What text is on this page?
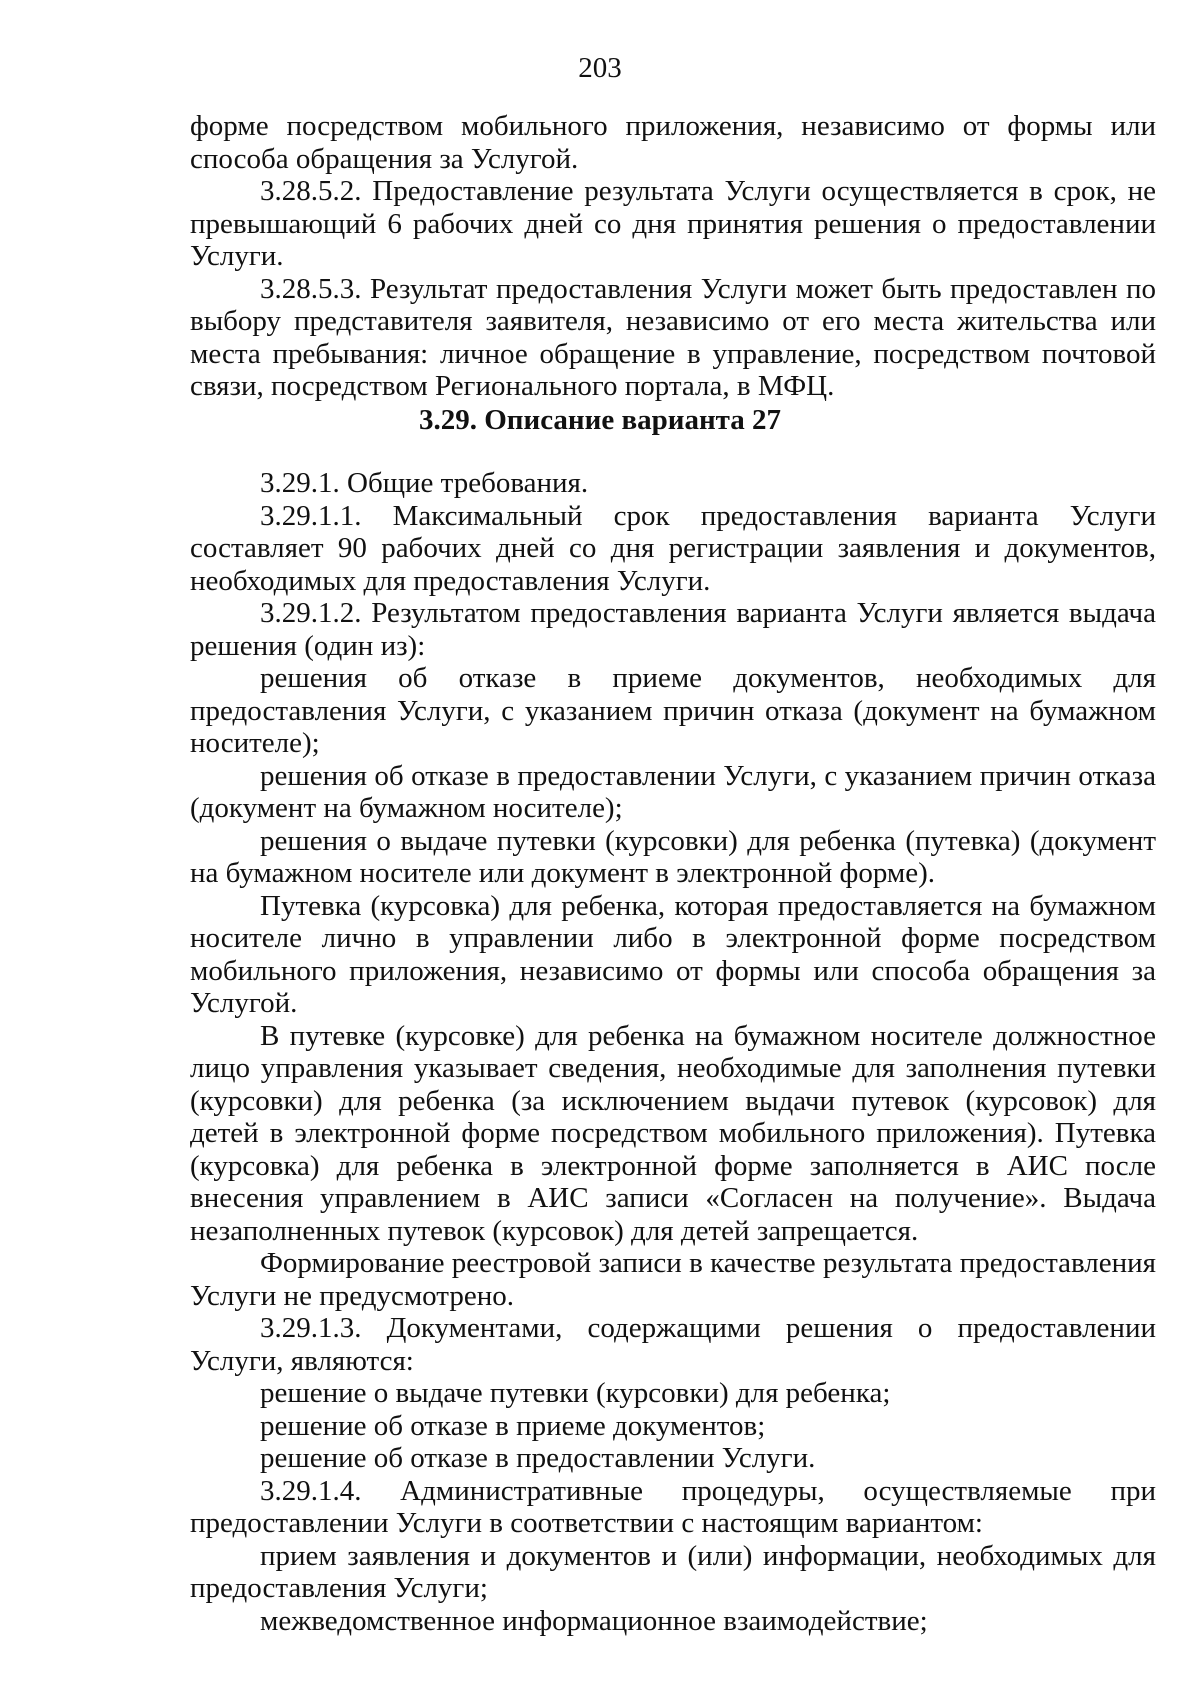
203

форме посредством мобильного приложения, независимо от формы или способа обращения за Услугой.

3.28.5.2. Предоставление результата Услуги осуществляется в срок, не превышающий 6 рабочих дней со дня принятия решения о предоставлении Услуги.

3.28.5.3. Результат предоставления Услуги может быть предоставлен по выбору представителя заявителя, независимо от его места жительства или места пребывания: личное обращение в управление, посредством почтовой связи, посредством Регионального портала, в МФЦ.

3.29. Описание варианта 27

3.29.1. Общие требования.

3.29.1.1. Максимальный срок предоставления варианта Услуги составляет 90 рабочих дней со дня регистрации заявления и документов, необходимых для предоставления Услуги.

3.29.1.2. Результатом предоставления варианта Услуги является выдача решения (один из):

решения об отказе в приеме документов, необходимых для предоставления Услуги, с указанием причин отказа (документ на бумажном носителе);

решения об отказе в предоставлении Услуги, с указанием причин отказа (документ на бумажном носителе);

решения о выдаче путевки (курсовки) для ребенка (путевка) (документ на бумажном носителе или документ в электронной форме).

Путевка (курсовка) для ребенка, которая предоставляется на бумажном носителе лично в управлении либо в электронной форме посредством мобильного приложения, независимо от формы или способа обращения за Услугой.

В путевке (курсовке) для ребенка на бумажном носителе должностное лицо управления указывает сведения, необходимые для заполнения путевки (курсовки) для ребенка (за исключением выдачи путевок (курсовок) для детей в электронной форме посредством мобильного приложения). Путевка (курсовка) для ребенка в электронной форме заполняется в АИС после внесения управлением в АИС записи «Согласен на получение». Выдача незаполненных путевок (курсовок) для детей запрещается.

Формирование реестровой записи в качестве результата предоставления Услуги не предусмотрено.

3.29.1.3. Документами, содержащими решения о предоставлении Услуги, являются:

решение о выдаче путевки (курсовки) для ребенка;

решение об отказе в приеме документов;

решение об отказе в предоставлении Услуги.

3.29.1.4. Административные процедуры, осуществляемые при предоставлении Услуги в соответствии с настоящим вариантом:

прием заявления и документов и (или) информации, необходимых для предоставления Услуги;

межведомственное информационное взаимодействие;
